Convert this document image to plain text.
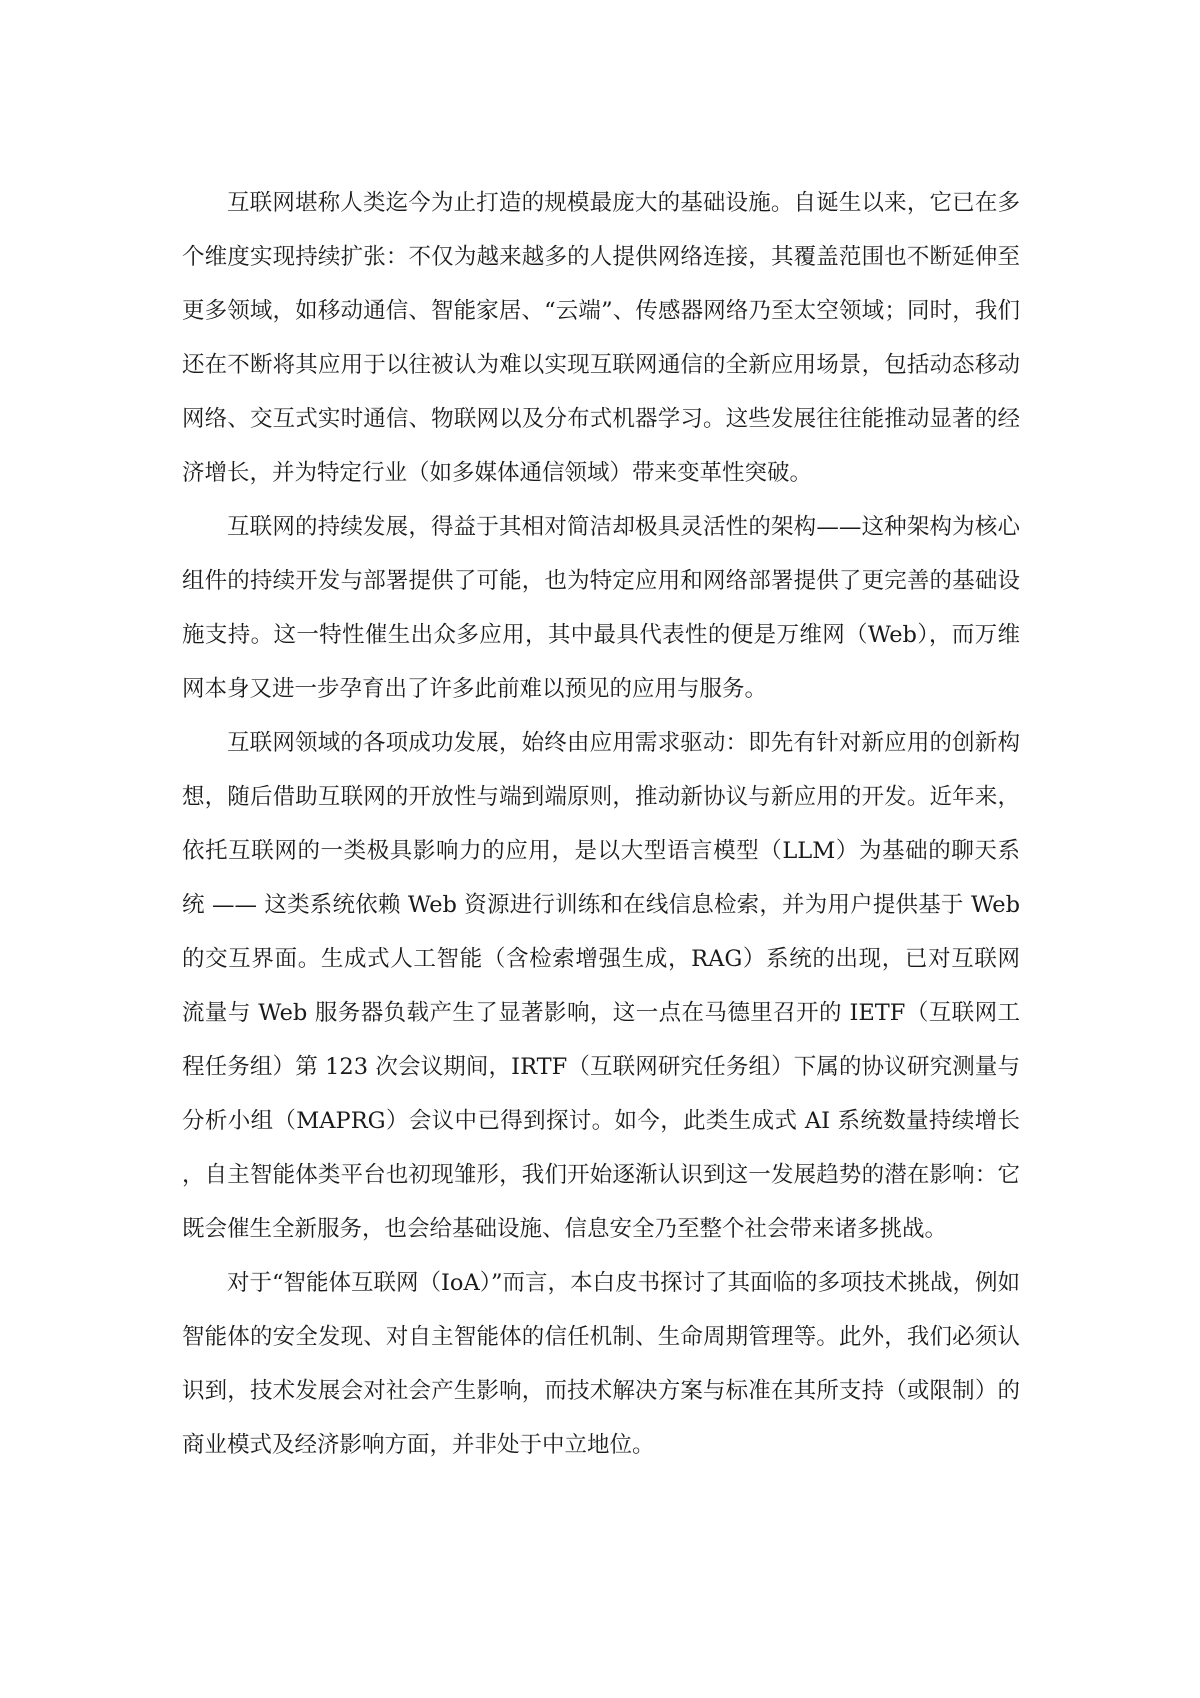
互联网堪称人类迄今为止打造的规模最庞大的基础设施。自诞生以来，它已在多个维度实现持续扩张：不仅为越来越多的人提供网络连接，其覆盖范围也不断延伸至更多领域，如移动通信、智能家居、“云端”、传感器网络乃至太空领域；同时，我们还在不断将其应用于以往被认为难以实现互联网通信的全新应用场景，包括动态移动网络、交互式实时通信、物联网以及分布式机器学习。这些发展往往能推动显著的经济增长，并为特定行业（如多媒体通信领域）带来变革性突破。

互联网的持续发展，得益于其相对简洁却极具灵活性的架构——这种架构为核心组件的持续开发与部署提供了可能，也为特定应用和网络部署提供了更完善的基础设施支持。这一特性催生出众多应用，其中最具代表性的便是万维网（Web），而万维网本身又进一步孕育出了许多此前难以预见的应用与服务。

互联网领域的各项成功发展，始终由应用需求驱动：即先有针对新应用的创新构想，随后借助互联网的开放性与端到端原则，推动新协议与新应用的开发。近年来，依托互联网的一类极具影响力的应用，是以大型语言模型（LLM）为基础的聊天系统 —— 这类系统依赖 Web 资源进行训练和在线信息检索，并为用户提供基于 Web 的交互界面。生成式人工智能（含检索增强生成，RAG）系统的出现，已对互联网流量与 Web 服务器负载产生了显著影响，这一点在马德里召开的 IETF（互联网工程任务组）第 123 次会议期间，IRTF（互联网研究任务组）下属的协议研究测量与分析小组（MAPRG）会议中已得到探讨。如今，此类生成式 AI 系统数量持续增长，自主智能体类平台也初现雏形，我们开始逐渐认识到这一发展趋势的潜在影响：它既会催生全新服务，也会给基础设施、信息安全乃至整个社会带来诸多挑战。

对于“智能体互联网（IoA）”而言，本白皮书探讨了其面临的多项技术挑战，例如智能体的安全发现、对自主智能体的信任机制、生命周期管理等。此外，我们必须认识到，技术发展会对社会产生影响，而技术解决方案与标准在其所支持（或限制）的商业模式及经济影响方面，并非处于中立地位。
